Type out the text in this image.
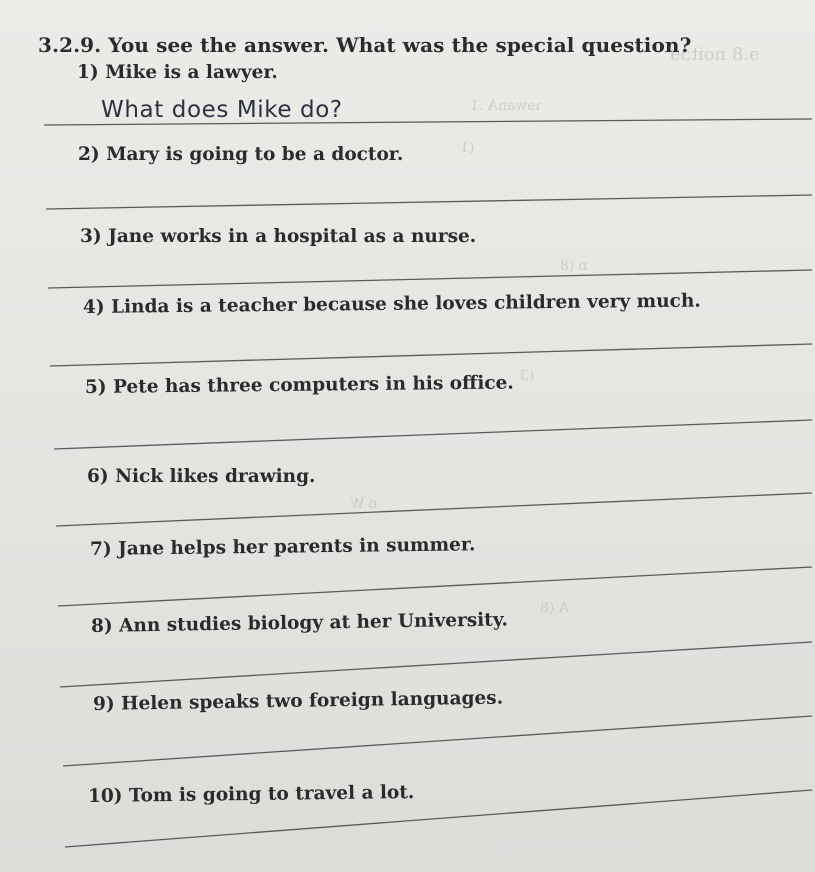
ɘ.8 noitɔɘ
ɿɘwanA .1
(1
ɒ (8
(3
ɒ W
A (8
3.2.9. You see the answer. What was the special question?
1) Mike is a lawyer.
What does Mike do?
2) Mary is going to be a doctor.
3) Jane works in a hospital as a nurse.
4) Linda is a teacher because she loves children very much.
5) Pete has three computers in his office.
6) Nick likes drawing.
7) Jane helps her parents in summer.
8) Ann studies biology at her University.
9) Helen speaks two foreign languages.
10) Tom is going to travel a lot.
